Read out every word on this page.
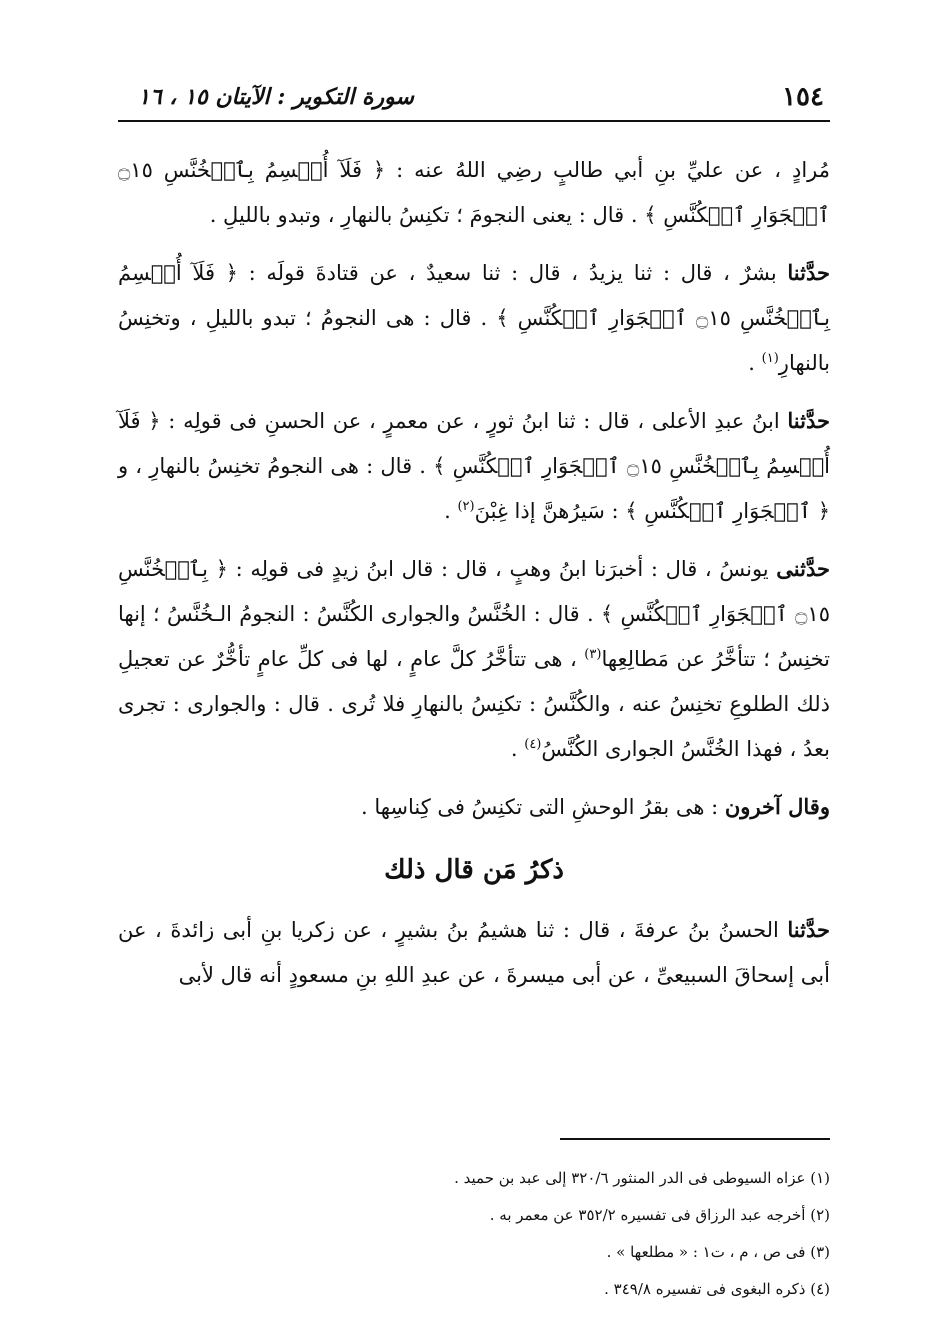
١٥٤
سورة التكوير : الآيتان ١٥ ، ١٦

مُرادٍ ، عن عليِّ بنِ أبي طالبٍ رضِي اللهُ عنه : ﴿ فَلَآ أُقۡسِمُ بِٱلۡخُنَّسِ ۝١٥ ٱلۡجَوَارِ ٱلۡكُنَّسِ ﴾ . قال : يعنى النجومَ ؛ تكنِسُ بالنهارِ ، وتبدو بالليلِ .

حدَّثنا بشرٌ ، قال : ثنا يزيدُ ، قال : ثنا سعيدٌ ، عن قتادةَ قولَه : ﴿ فَلَآ أُقۡسِمُ بِٱلۡخُنَّسِ ۝١٥ ٱلۡجَوَارِ ٱلۡكُنَّسِ ﴾ . قال : هى النجومُ ؛ تبدو بالليلِ ، وتخنِسُ بالنهارِ$^{(١)}$ .

حدَّثنا ابنُ عبدِ الأعلى ، قال : ثنا ابنُ ثورٍ ، عن معمرٍ ، عن الحسنِ فى قولِه : ﴿ فَلَآ أُقۡسِمُ بِٱلۡخُنَّسِ ۝١٥ ٱلۡجَوَارِ ٱلۡكُنَّسِ ﴾ . قال : هى النجومُ تخنِسُ بالنهارِ ، و ﴿ ٱلۡجَوَارِ ٱلۡكُنَّسِ ﴾ : سَيرُهنَّ إذا غِبْنَ$^{(٢)}$ .

حدَّثنى يونسُ ، قال : أخبرَنا ابنُ وهبٍ ، قال : قال ابنُ زيدٍ فى قولِه : ﴿ بِٱلۡخُنَّسِ ۝١٥ ٱلۡجَوَارِ ٱلۡكُنَّسِ ﴾ . قال : الخُنَّسُ والجوارى الكُنَّسُ : النجومُ الـخُنَّسُ ؛ إنها تخنِسُ ؛ تتأخَّرُ عن مَطالِعِها$^{(٣)}$ ، هى تتأخَّرُ كلَّ عامٍ ، لها فى كلِّ عامٍ تأخُّرٌ عن تعجيلِ ذلك الطلوعِ تخنِسُ عنه ، والكُنَّسُ : تكنِسُ بالنهارِ فلا تُرى . قال : والجوارى : تجرى بعدُ ، فهذا الخُنَّسُ الجوارى الكُنَّسُ$^{(٤)}$ .

وقال آخرون : هى بقرُ الوحشِ التى تكنِسُ فى كِناسِها .

ذكرُ مَن قال ذلك

حدَّثنا الحسنُ بنُ عرفةَ ، قال : ثنا هشيمُ بنُ بشيرٍ ، عن زكريا بنِ أبى زائدةَ ، عن أبى إسحاقَ السبيعىِّ ، عن أبى ميسرةَ ، عن عبدِ اللهِ بنِ مسعودٍ أنه قال لأبى

(١) عزاه السيوطى فى الدر المنثور ٣٢٠/٦ إلى عبد بن حميد .

(٢) أخرجه عبد الرزاق فى تفسيره ٣٥٢/٢ عن معمر به .

(٣) فى ص ، م ، ت١ : « مطلعها » .

(٤) ذكره البغوى فى تفسيره ٣٤٩/٨ .
